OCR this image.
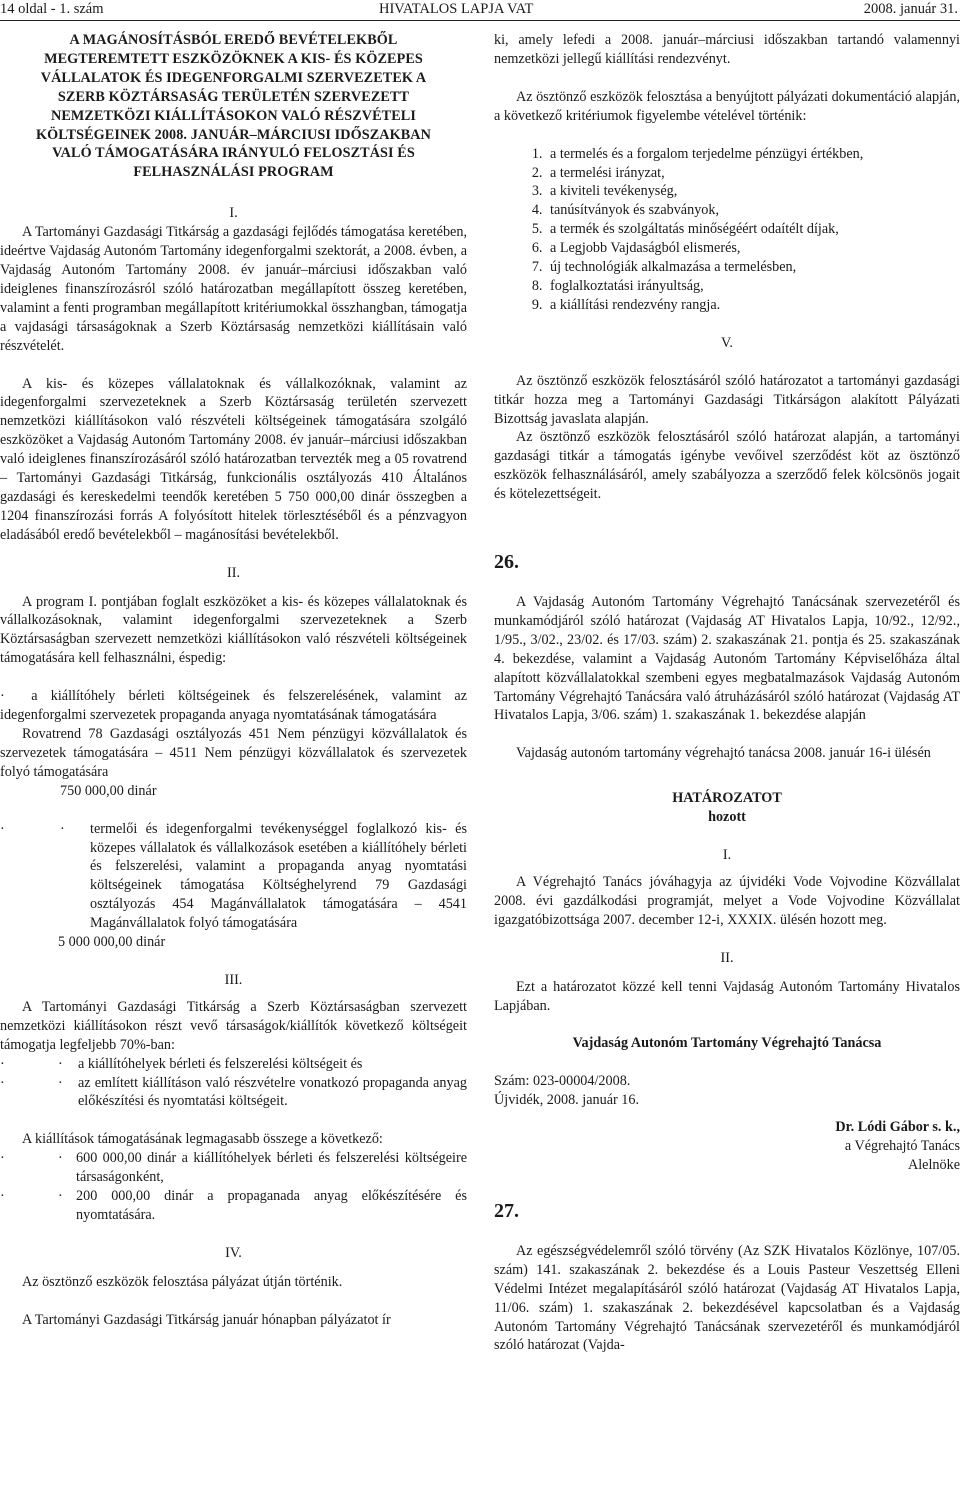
14 oldal - 1. szám	HIVATALOS LAPJA VAT	2008. január 31.

A MAGÁNOSÍTÁSBÓL EREDŐ BEVÉTELEKBŐL MEGTEREMTETT ESZKÖZÖKNEK A KIS- ÉS KÖZEPES VÁLLALATOK ÉS IDEGENFORGALMI SZERVEZETEK A SZERB KÖZTÁRSASÁG TERÜLETÉN SZERVEZETT NEMZETKÖZI KIÁLLÍTÁSOKON VALÓ RÉSZVÉTELI KÖLTSÉGEINEK 2008. JANUÁR–MÁRCIUSI IDŐSZAKBAN VALÓ TÁMOGATÁSÁRA IRÁNYULÓ FELOSZTÁSI ÉS FELHASZNÁLÁSI PROGRAM

I.

A Tartományi Gazdasági Titkárság a gazdasági fejlődés támogatása keretében, ideértve Vajdaság Autonóm Tartomány idegenforgalmi szektorát, a 2008. évben, a Vajdaság Autonóm Tartomány 2008. év január–márciusi időszakban való ideiglenes finanszírozásról szóló határozatban megállapított összeg keretében, valamint a fenti programban megállapított kritériumokkal összhangban, támogatja a vajdasági társaságoknak a Szerb Köztársaság nemzetközi kiállításain való részvételét.

A kis- és közepes vállalatoknak és vállalkozóknak, valamint az idegenforgalmi szervezeteknek a Szerb Köztársaság területén szervezett nemzetközi kiállításokon való részvételi költségeinek támogatására szolgáló eszközöket a Vajdaság Autonóm Tartomány 2008. év január–márciusi időszakban való ideiglenes finanszírozásáról szóló határozatban tervezték meg a 05 rovatrend – Tartományi Gazdasági Titkárság, funkcionális osztályozás 410 Általános gazdasági és kereskedelmi teendők keretében 5 750 000,00 dinár összegben a 1204 finanszírozási forrás A folyósított hitelek törlesztéséből és a pénzvagyon eladásából eredő bevételekből – magánosítási bevételekből.

II.

A program I. pontjában foglalt eszközöket a kis- és közepes vállalatoknak és vállalkozásoknak, valamint idegenforgalmi szervezeteknek a Szerb Köztársaságban szervezett nemzetközi kiállításokon való részvételi költségeinek támogatására kell felhasználni, éspedig:

·  a kiállítóhely bérleti költségeinek és felszerelésének, valamint az idegenforgalmi szervezetek propaganda anyaga nyomtatásának támogatására

Rovatrend 78 Gazdasági osztályozás 451 Nem pénzügyi közvállalatok és szervezetek támogatására – 4511 Nem pénzügyi közvállalatok és szervezetek folyó támogatására

750 000,00 dinár

· · termelői és idegenforgalmi tevékenységgel foglalkozó kis- és közepes vállalatok és vállalkozások esetében a kiállítóhely bérleti és felszerelési, valamint a propaganda anyag nyomtatási költségeinek támogatása Költséghelyrend 79 Gazdasági osztályozás 454 Magánvállalatok támogatására – 4541 Magánvállalatok folyó támogatására

5 000 000,00 dinár

III.

A Tartományi Gazdasági Titkárság a Szerb Köztársaságban szervezett nemzetközi kiállításokon részt vevő társaságok/kiállítók következő költségeit támogatja legfeljebb 70%-ban:

· · a kiállítóhelyek bérleti és felszerelési költségeit és

· · az említett kiállításon való részvételre vonatkozó propaganda anyag előkészítési és nyomtatási költségeit.

A kiállítások támogatásának legmagasabb összege a következő:

· · 600 000,00 dinár a kiállítóhelyek bérleti és felszerelési költségeire társaságonként,

· · 200 000,00 dinár a propaganada anyag előkészítésére és nyomtatására.

IV.

Az ösztönző eszközök felosztása pályázat útján történik.

A Tartományi Gazdasági Titkárság január hónapban pályázatot ír

ki, amely lefedi a 2008. január–márciusi időszakban tartandó valamennyi nemzetközi jellegű kiállítási rendezvényt.

Az ösztönző eszközök felosztása a benyújtott pályázati dokumentáció alapján, a következő kritériumok figyelembe vételével történik:

1. a termelés és a forgalom terjedelme pénzügyi értékben,
2. a termelési irányzat,
3. a kiviteli tevékenység,
4. tanúsítványok és szabványok,
5. a termék és szolgáltatás minőségéért odaítélt díjak,
6. a Legjobb Vajdaságból elismerés,
7. új technológiák alkalmazása a termelésben,
8. foglalkoztatási irányultság,
9. a kiállítási rendezvény rangja.

V.

Az ösztönző eszközök felosztásáról szóló határozatot a tartományi gazdasági titkár hozza meg a Tartományi Gazdasági Titkárságon alakított Pályázati Bizottság javaslata alapján.

Az ösztönző eszközök felosztásáról szóló határozat alapján, a tartományi gazdasági titkár a támogatás igénybe vevőivel szerződést köt az ösztönző eszközök felhasználásáról, amely szabályozza a szerződő felek kölcsönös jogait és kötelezettségeit.

26.

A Vajdaság Autonóm Tartomány Végrehajtó Tanácsának szervezetéről és munkamódjáról szóló határozat (Vajdaság AT Hivatalos Lapja, 10/92., 12/92., 1/95., 3/02., 23/02. és 17/03. szám) 2. szakaszának 21. pontja és 25. szakaszának 4. bekezdése, valamint a Vajdaság Autonóm Tartomány Képviselőháza által alapított közvállalatokkal szembeni egyes megbatalmazások Vajdaság Autonóm Tartomány Végrehajtó Tanácsára való átruházásáról szóló határozat (Vajdaság AT Hivatalos Lapja, 3/06. szám) 1. szakaszának 1. bekezdése alapján

Vajdaság autonóm tartomány végrehajtó tanácsa 2008. január 16-i ülésén

HATÁROZATOT

hozott

I.

A Végrehajtó Tanács jóváhagyja az újvidéki Vode Vojvodine Közvállalat 2008. évi gazdálkodási programját, melyet a Vode Vojvodine Közvállalat igazgatóbizottsága 2007. december 12-i, XXXIX. ülésén hozott meg.

II.

Ezt a határozatot közzé kell tenni Vajdaság Autonóm Tartomány Hivatalos Lapjában.

Vajdaság Autonóm Tartomány Végrehajtó Tanácsa

Szám: 023-00004/2008.

Újvidék, 2008. január 16.

Dr. Lódi Gábor s. k.,

a Végrehajtó Tanács

Alelnöke

27.

Az egészségvédelemről szóló törvény (Az SZK Hivatalos Közlönye, 107/05. szám) 141. szakaszának 2. bekezdése és a Louis Pasteur Veszettség Elleni Védelmi Intézet megalapításáról szóló határozat (Vajdaság AT Hivatalos Lapja, 11/06. szám) 1. szakaszának 2. bekezdésével kapcsolatban és a Vajdaság Autonóm Tartomány Végrehajtó Tanácsának szervezetéről és munkamódjáról szóló határozat (Vajda-
